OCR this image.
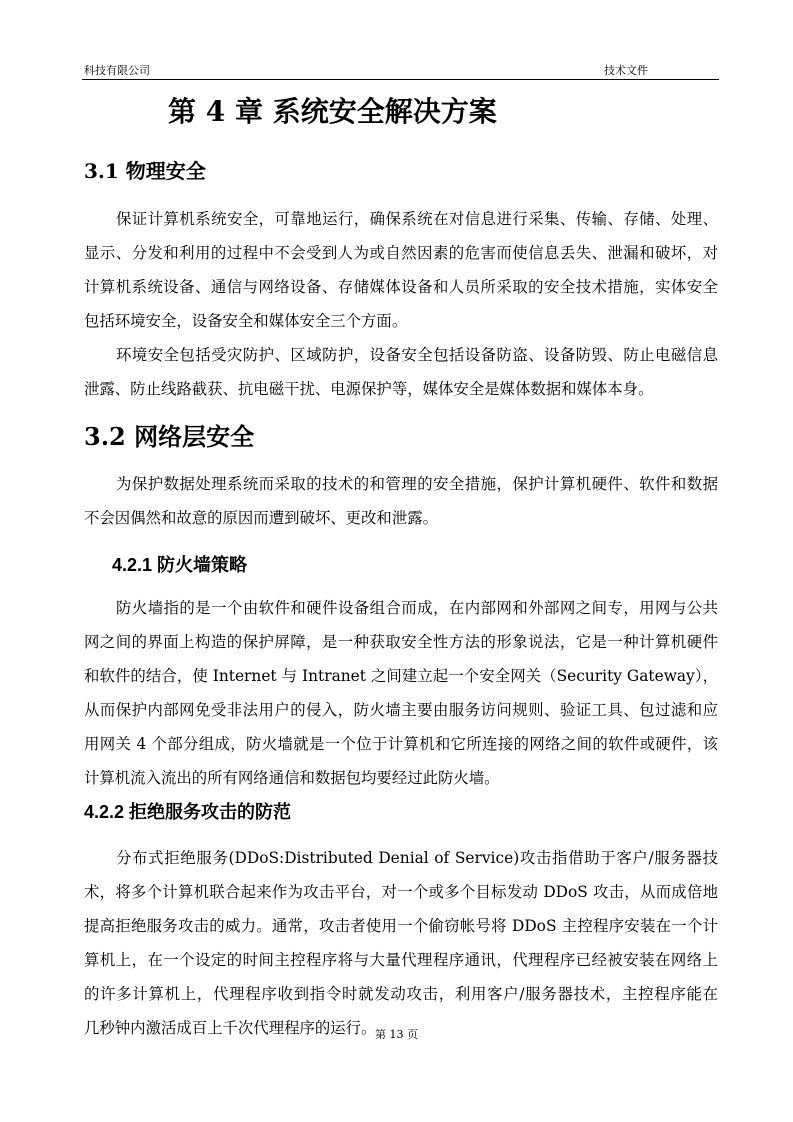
科技有限公司	技术文件
第 4 章 系统安全解决方案
3.1 物理安全
3.2 网络层安全
4.2.1 防火墙策略
4.2.2 拒绝服务攻击的防范
保证计算机系统安全，可靠地运行，确保系统在对信息进行采集、传输、存储、处理、
显示、分发和利用的过程中不会受到人为或自然因素的危害而使信息丢失、泄漏和破坏，对
计算机系统设备、通信与网络设备、存储媒体设备和人员所采取的安全技术措施，实体安全
包括环境安全，设备安全和媒体安全三个方面。
环境安全包括受灾防护、区域防护，设备安全包括设备防盗、设备防毁、防止电磁信息
泄露、防止线路截获、抗电磁干扰、电源保护等，媒体安全是媒体数据和媒体本身。
为保护数据处理系统而采取的技术的和管理的安全措施，保护计算机硬件、软件和数据
不会因偶然和故意的原因而遭到破坏、更改和泄露。
防火墙指的是一个由软件和硬件设备组合而成，在内部网和外部网之间专，用网与公共
网之间的界面上构造的保护屏障，是一种获取安全性方法的形象说法，它是一种计算机硬件
和软件的结合，使 Internet 与 Intranet 之间建立起一个安全网关（Security Gateway），
从而保护内部网免受非法用户的侵入，防火墙主要由服务访问规则、验证工具、包过滤和应
用网关 4 个部分组成，防火墙就是一个位于计算机和它所连接的网络之间的软件或硬件，该
计算机流入流出的所有网络通信和数据包均要经过此防火墙。
分布式拒绝服务(DDoS:Distributed Denial of Service)攻击指借助于客户/服务器技
术，将多个计算机联合起来作为攻击平台，对一个或多个目标发动 DDoS 攻击，从而成倍地
提高拒绝服务攻击的威力。通常，攻击者使用一个偷窃帐号将 DDoS 主控程序安装在一个计
算机上，在一个设定的时间主控程序将与大量代理程序通讯，代理程序已经被安装在网络上
的许多计算机上，代理程序收到指令时就发动攻击，利用客户/服务器技术，主控程序能在
几秒钟内激活成百上千次代理程序的运行。
第 13 页
